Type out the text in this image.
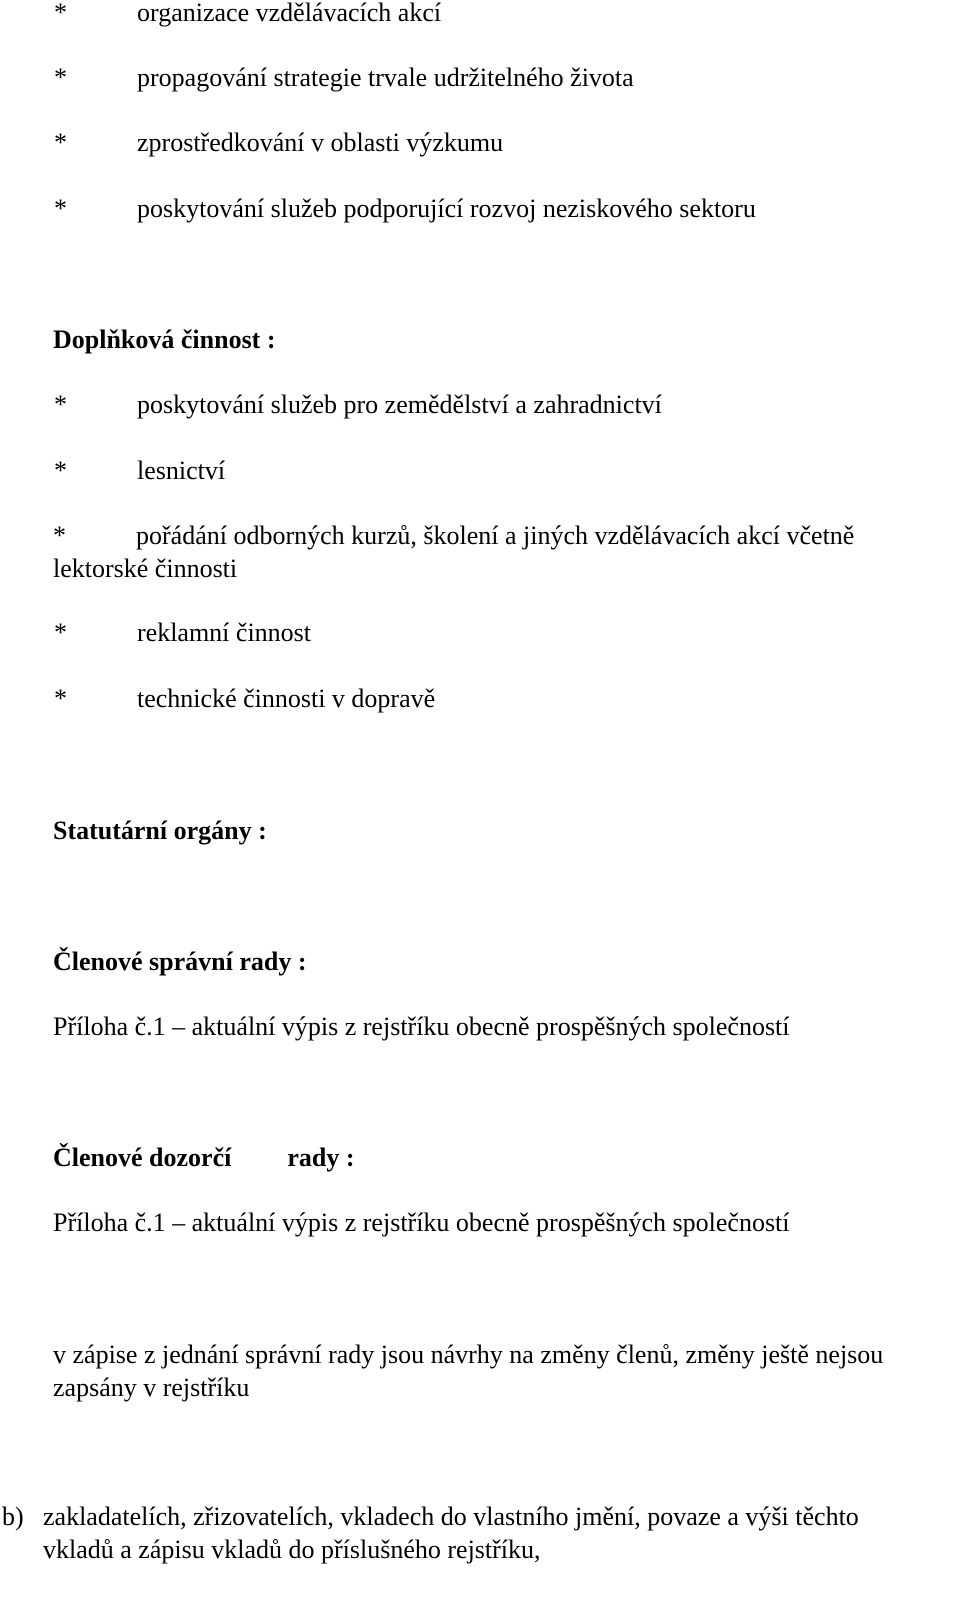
*	organizace vzdělávacích akcí
*	propagování strategie trvale udržitelného života
*	zprostředkování v oblasti výzkumu
*	poskytování služeb podporující rozvoj neziskového sektoru
Doplňková činnost :
*	poskytování služeb pro zemědělství a zahradnictví
*	lesnictví
*	pořádání odborných kurzů, školení a jiných vzdělávacích akcí včetně lektorské činnosti
*	reklamní činnost
*	technické činnosti v dopravě
Statutární orgány :
Členové správní rady :
Příloha č.1 – aktuální výpis z rejstříku obecně prospěšných společností
Členové dozorčí rady :
Příloha č.1 – aktuální výpis z rejstříku obecně prospěšných společností
v zápise z jednání správní rady jsou návrhy na změny členů, změny ještě nejsou zapsány v rejstříku
b) zakladatelích, zřizovatelích, vkladech do vlastního jmění, povaze a výši těchto
vkladů a zápisu vkladů do příslušného rejstříku,
